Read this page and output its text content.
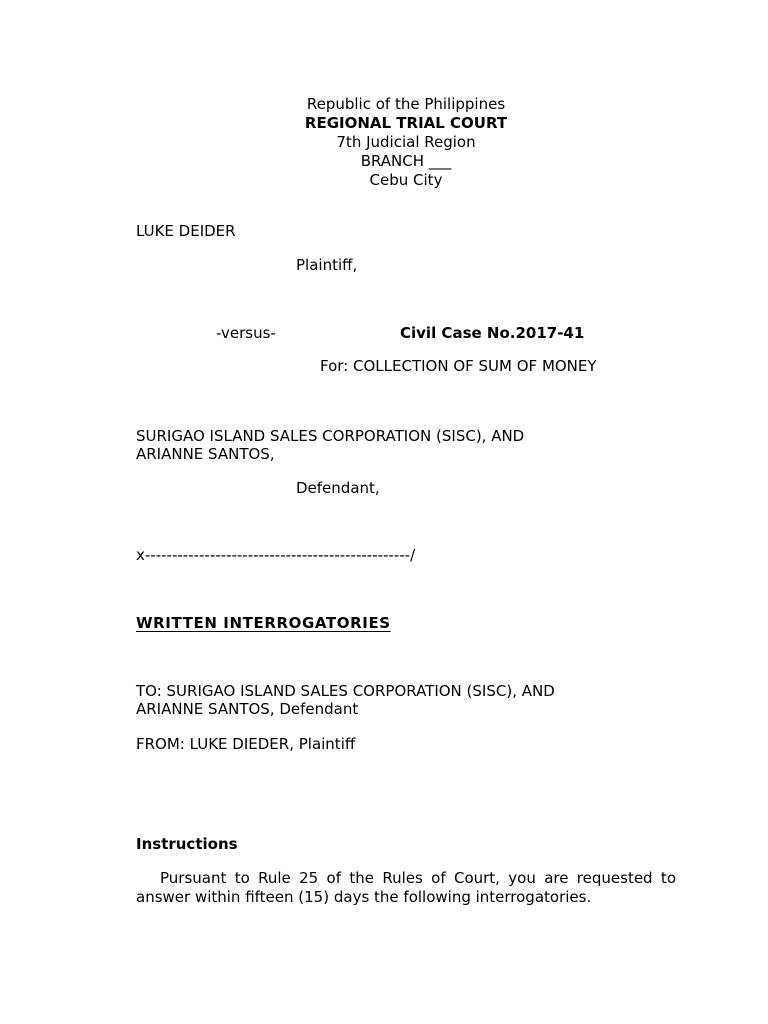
Republic of the Philippines
REGIONAL TRIAL COURT
7th Judicial Region
BRANCH ___
Cebu City
LUKE DEIDER
Plaintiff,
-versus-	Civil Case No.2017-41
For: COLLECTION OF SUM OF MONEY
SURIGAO ISLAND SALES CORPORATION (SISC), AND
ARIANNE SANTOS,
Defendant,
x-------------------------------------------------/
WRITTEN INTERROGATORIES
TO: SURIGAO ISLAND SALES CORPORATION (SISC), AND
ARIANNE SANTOS, Defendant
FROM: LUKE DIEDER, Plaintiff
Instructions
Pursuant to Rule 25 of the Rules of Court, you are requested to answer within fifteen (15) days the following interrogatories.
